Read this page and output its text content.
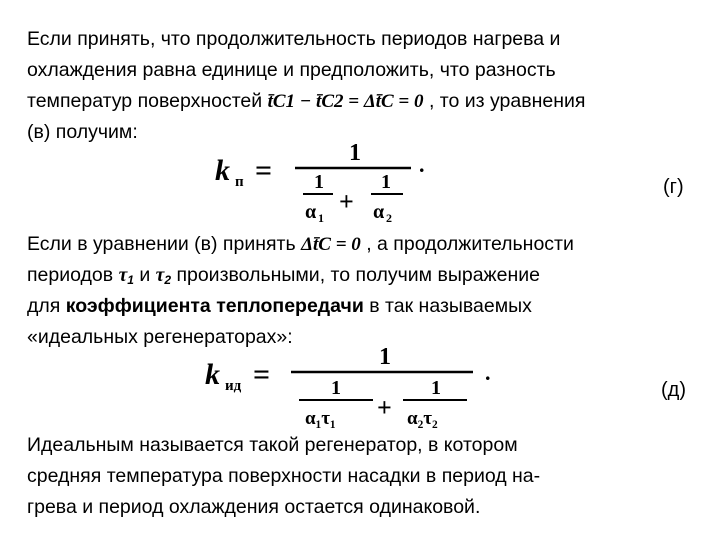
Если принять, что продолжительность периодов нагрева и
охлаждения равна единице и предположить, что разность
температур поверхностей t̄C1 − t̄C2 = Δt̄C = 0 , то из уравнения
(в) получим:
k п =
1
1
α 1
+
1
α 2
.
(г)
Если в уравнении (в) принять Δt̄C = 0 , а продолжительности
периодов $\tau_1$ и $\tau_2$ произвольными, то получим выражение
для коэффициента теплопередачи в так называемых
«идеальных регенераторах»:
k ид =
1
1
α₁τ₁ +
1
α₂τ₂
.
(д)
Идеальным называется такой регенератор, в котором
средняя температура поверхности насадки в период на-
грева и период охлаждения остается одинаковой.
